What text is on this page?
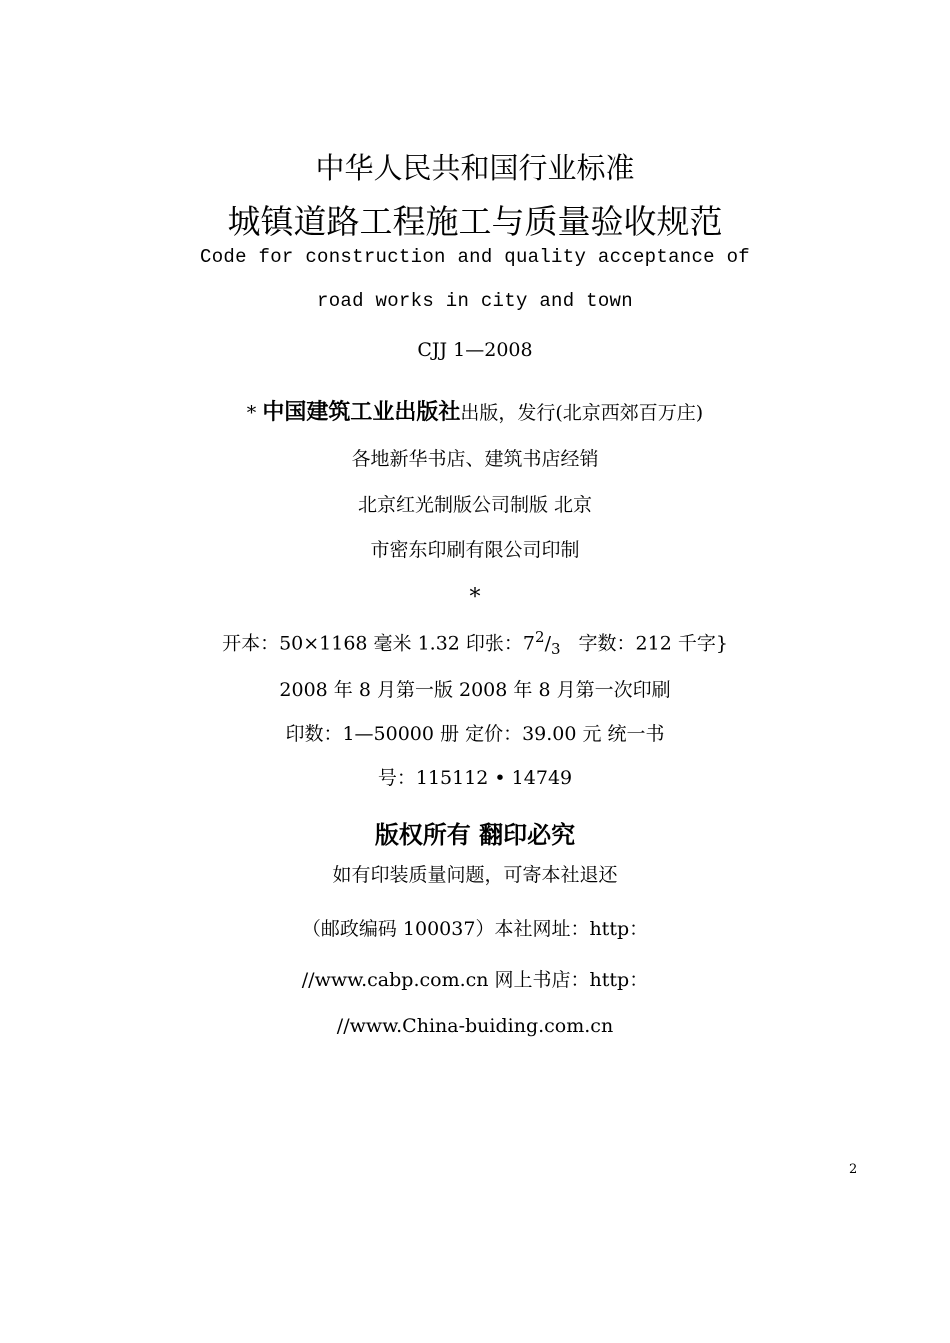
中华人民共和国行业标准
城镇道路工程施工与质量验收规范
Code for construction and quality acceptance of
road works in city and town
CJJ 1—2008
* 中国建筑工业出版社出版，发行(北京西郊百万庄)
各地新华书店、建筑书店经销
北京红光制版公司制版 北京
市密东印刷有限公司印制
*
开本：50×1168 毫米 1.32 印张：$7^2/_3$ 字数：212 千字}
2008 年 8 月第一版 2008 年 8 月第一次印刷
印数：1—50000 册 定价：39.00 元 统一书
号：115112 • 14749
版权所有 翻印必究
如有印装质量问题，可寄本社退还
（邮政编码 100037）本社网址：http：
//www.cabp.com.cn 网上书店：http：
//www.China-buiding.com.cn
2
